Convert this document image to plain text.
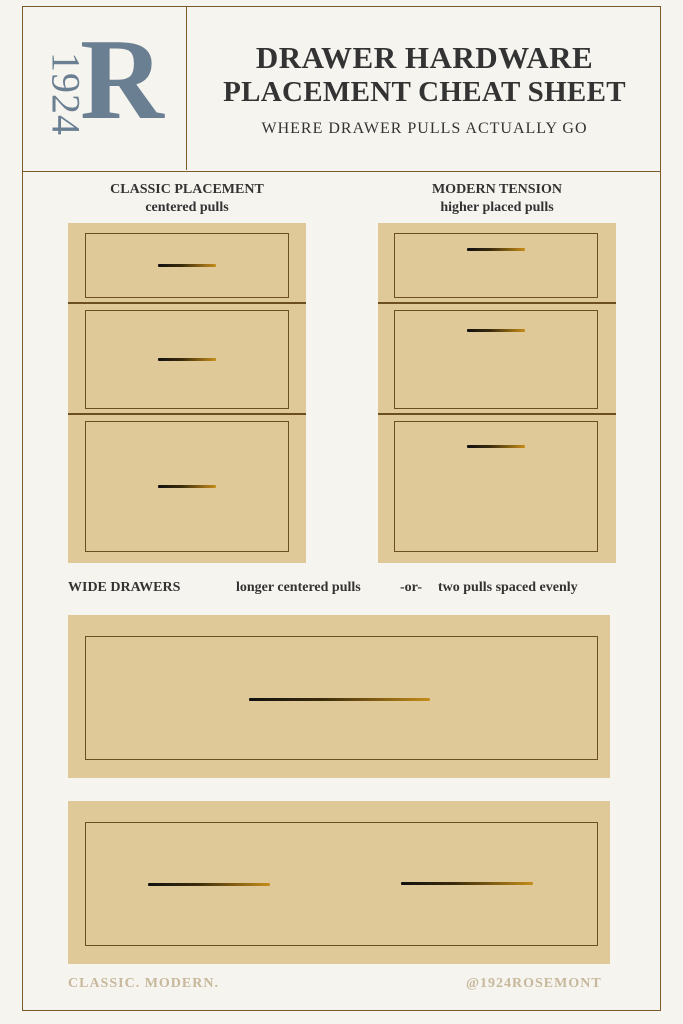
1924
R	DRAWER HARDWARE
PLACEMENT CHEAT SHEET
WHERE DRAWER PULLS ACTUALLY GO
CLASSIC PLACEMENT
centered pulls
MODERN TENSION
higher placed pulls
WIDE DRAWERS	longer centered pulls	-or- two pulls spaced evenly
CLASSIC. MODERN.	@1924ROSEMONT
